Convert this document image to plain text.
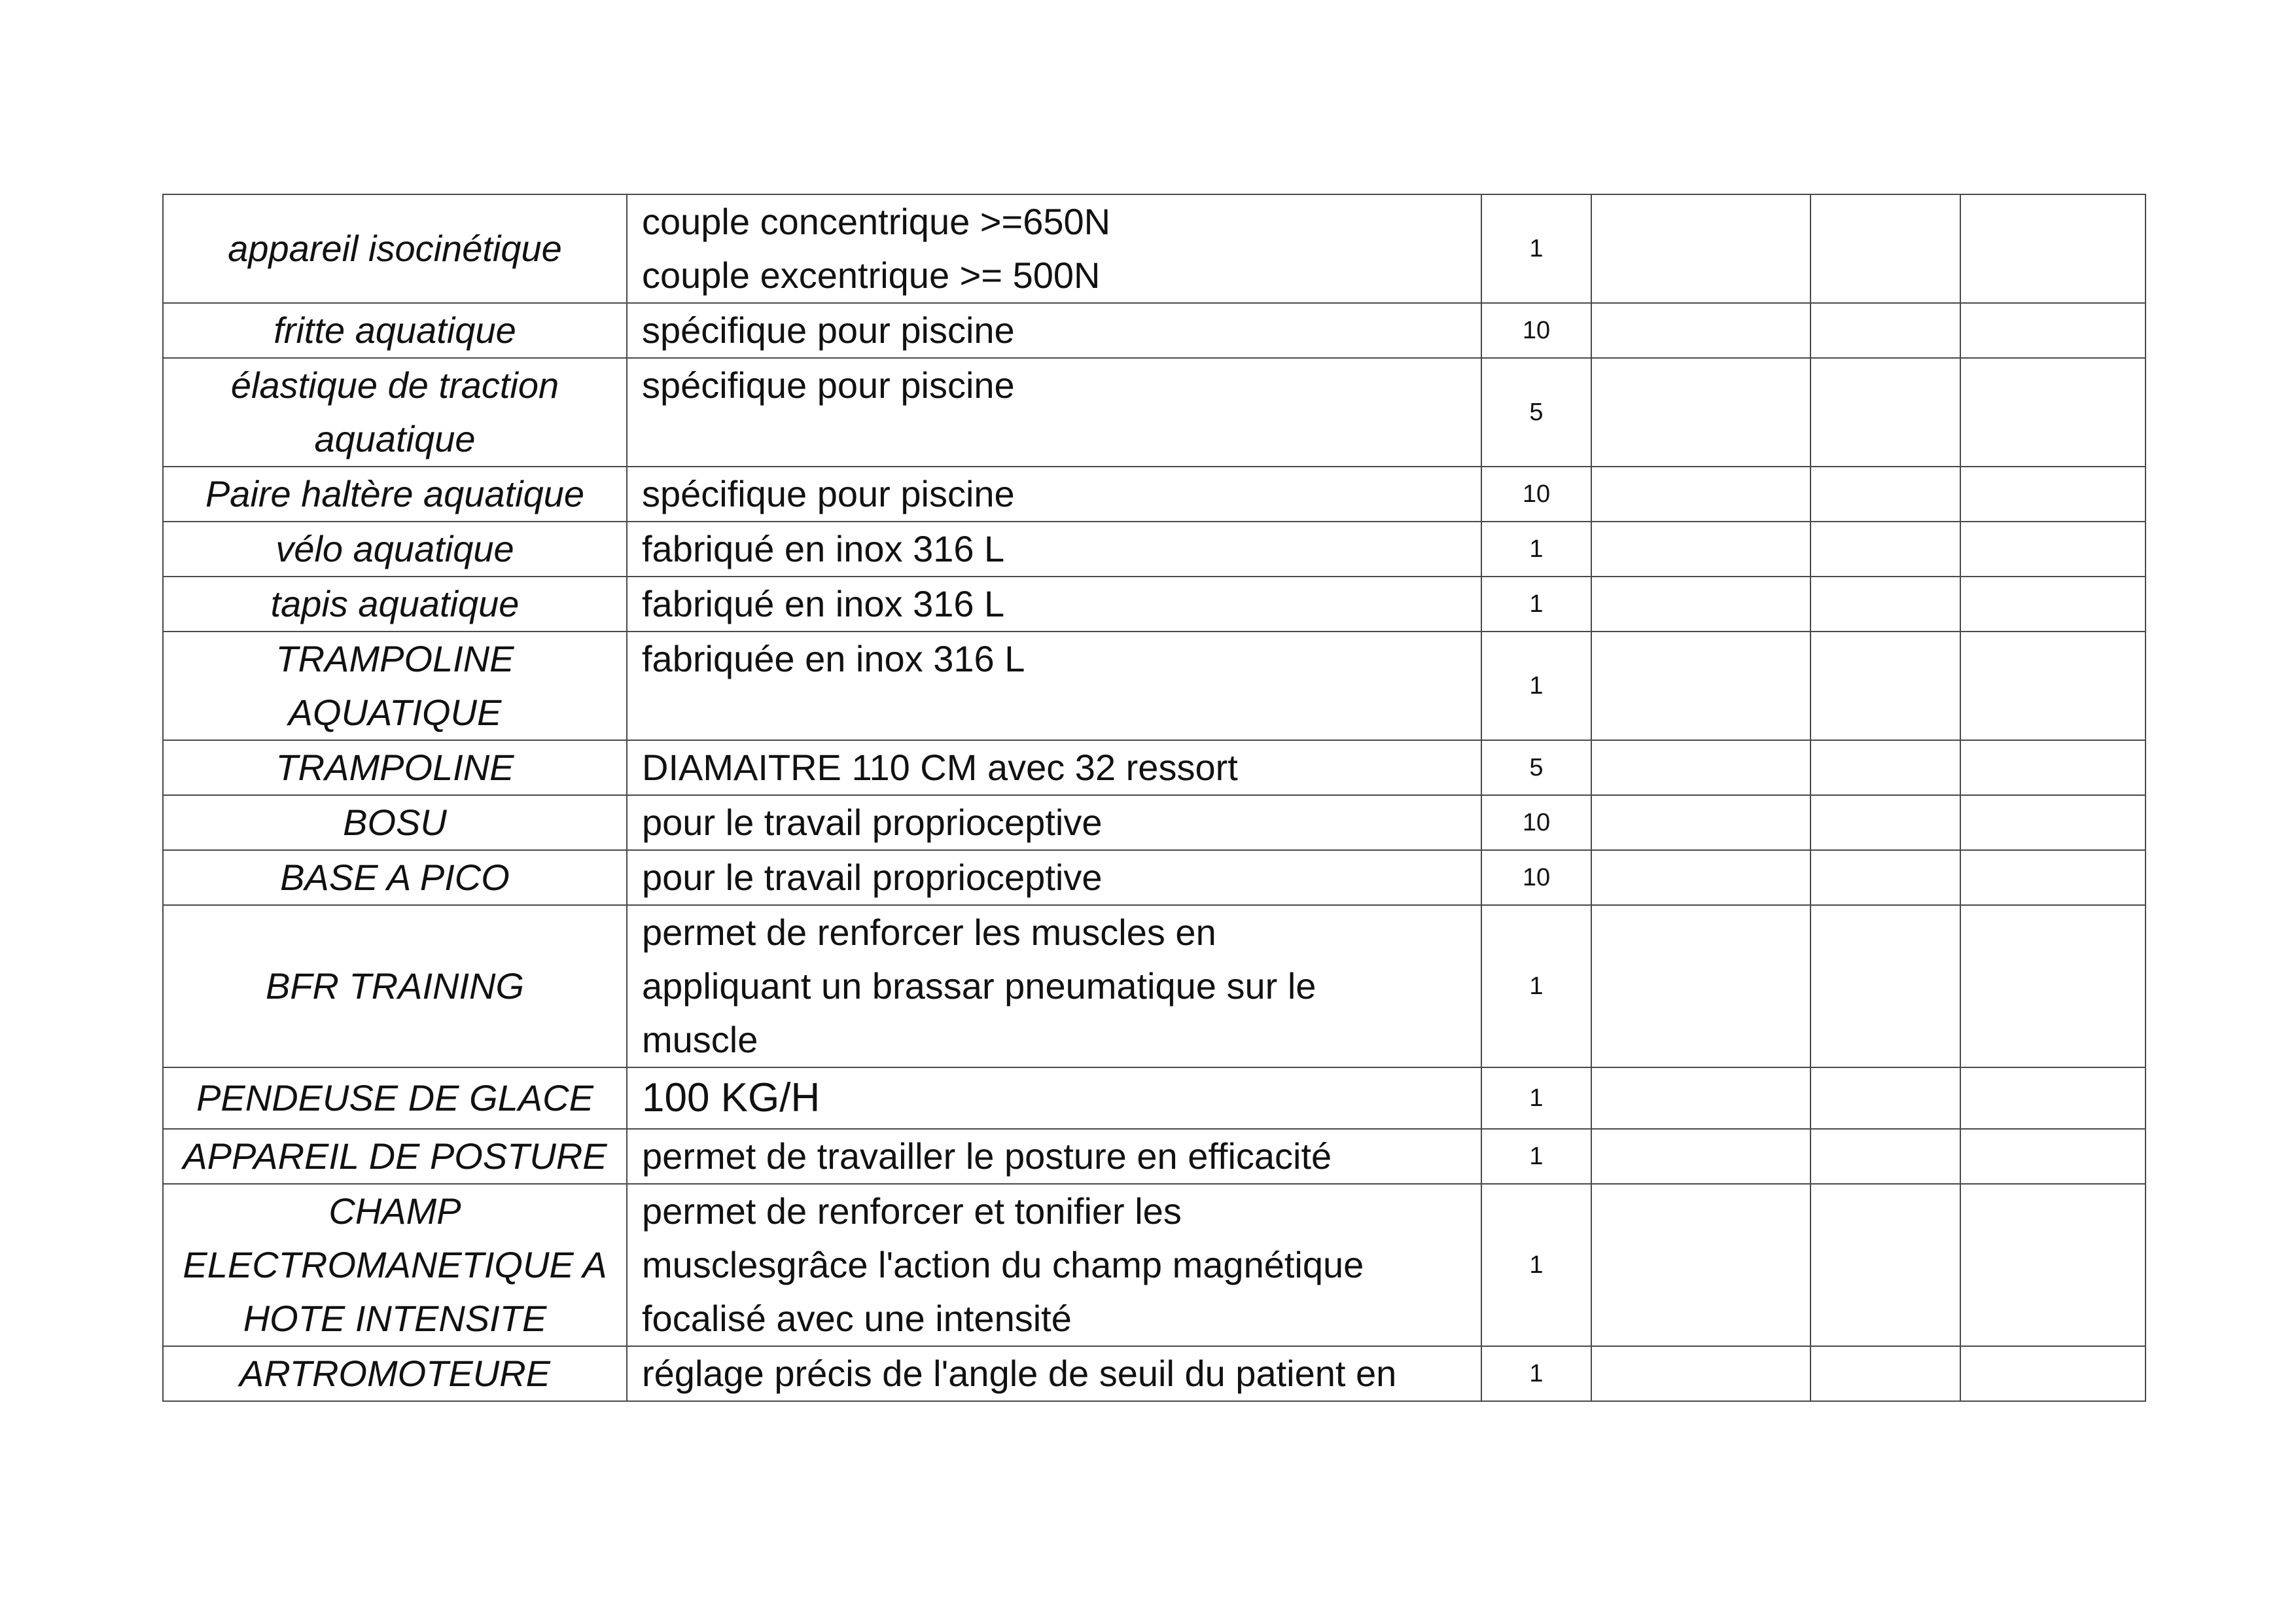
appareil isocinétique	couple concentrique >=650N
couple excentrique >= 500N	1			

fritte aquatique	spécifique pour piscine	10			

élastique de traction
aquatique	spécifique pour piscine	5			

Paire haltère aquatique	spécifique pour piscine	10			

vélo aquatique	fabriqué en inox 316 L	1			

tapis aquatique	fabriqué en inox 316 L	1			

TRAMPOLINE
AQUATIQUE	fabriquée en inox 316 L	1			

TRAMPOLINE	DIAMAITRE 110 CM avec 32 ressort	5			

BOSU	pour le travail proprioceptive	10			

BASE A PICO	pour le travail proprioceptive	10			

BFR TRAINING	permet de renforcer les muscles en
appliquant un brassar pneumatique sur le
muscle	1			

PENDEUSE DE GLACE	100 KG/H	1			

APPAREIL DE POSTURE	permet de travailler le posture en efficacité	1			

CHAMP
ELECTROMANETIQUE A
HOTE INTENSITE	permet de renforcer et tonifier les
musclesgrâce l'action du champ magnétique
focalisé avec une intensité	1			

ARTROMOTEURE	réglage précis de l'angle de seuil du patient en	1			
